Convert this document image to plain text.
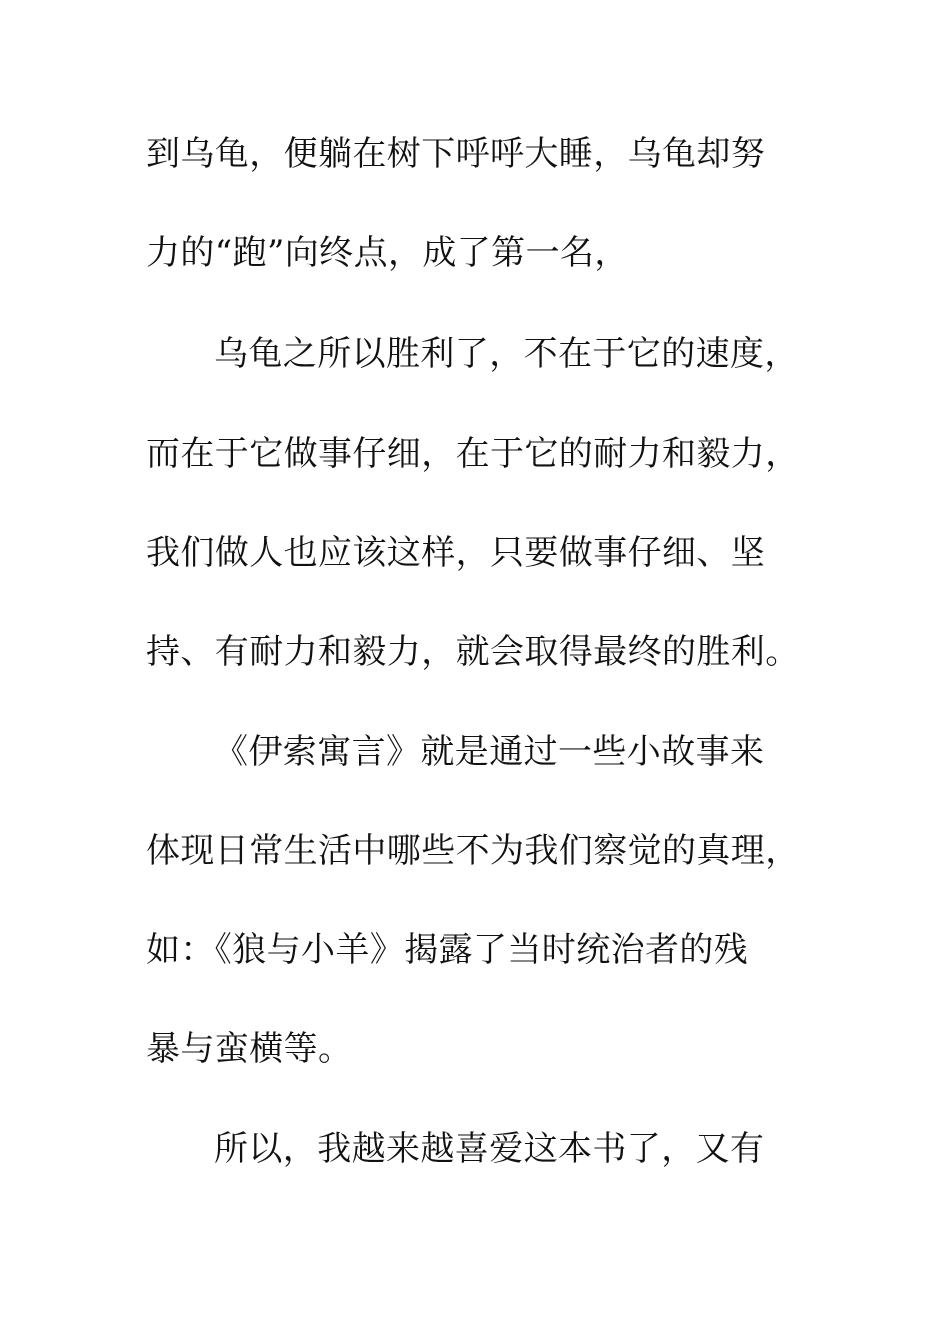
到乌龟，便躺在树下呼呼大睡，乌龟却努
力的“跑”向终点，成了第一名，
乌龟之所以胜利了，不在于它的速度，
而在于它做事仔细，在于它的耐力和毅力，
我们做人也应该这样，只要做事仔细、坚
持、有耐力和毅力，就会取得最终的胜利。
《伊索寓言》就是通过一些小故事来
体现日常生活中哪些不为我们察觉的真理，
如：《狼与小羊》揭露了当时统治者的残
暴与蛮横等。
所以，我越来越喜爱这本书了，又有
